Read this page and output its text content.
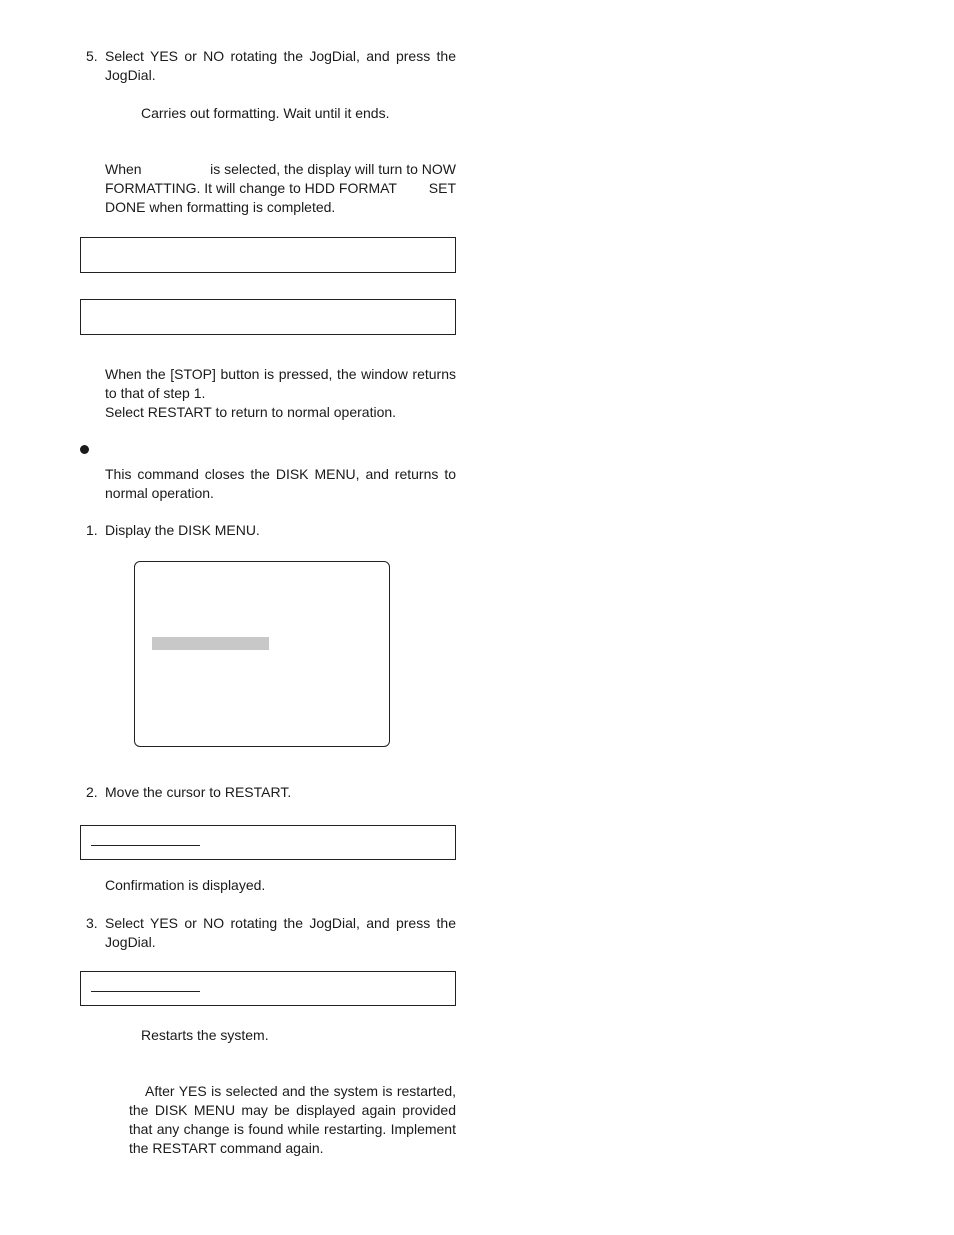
5. Select YES or NO rotating the JogDial, and press the JogDial.

Carries out formatting. Wait until it ends.

When	is selected, the display will turn to NOW
FORMATTING. It will change to HDD FORMAT SET
DONE when formatting is completed.

When the [STOP] button is pressed, the window returns to that of step 1.

Select RESTART to return to normal operation.

This command closes the DISK MENU, and returns to normal operation.

1. Display the DISK MENU.

2. Move the cursor to RESTART.

Confirmation is displayed.

3. Select YES or NO rotating the JogDial, and press the JogDial.

Restarts the system.

After YES is selected and the system is restarted, the DISK MENU may be displayed again provided that any change is found while restarting. Implement the RESTART command again.
